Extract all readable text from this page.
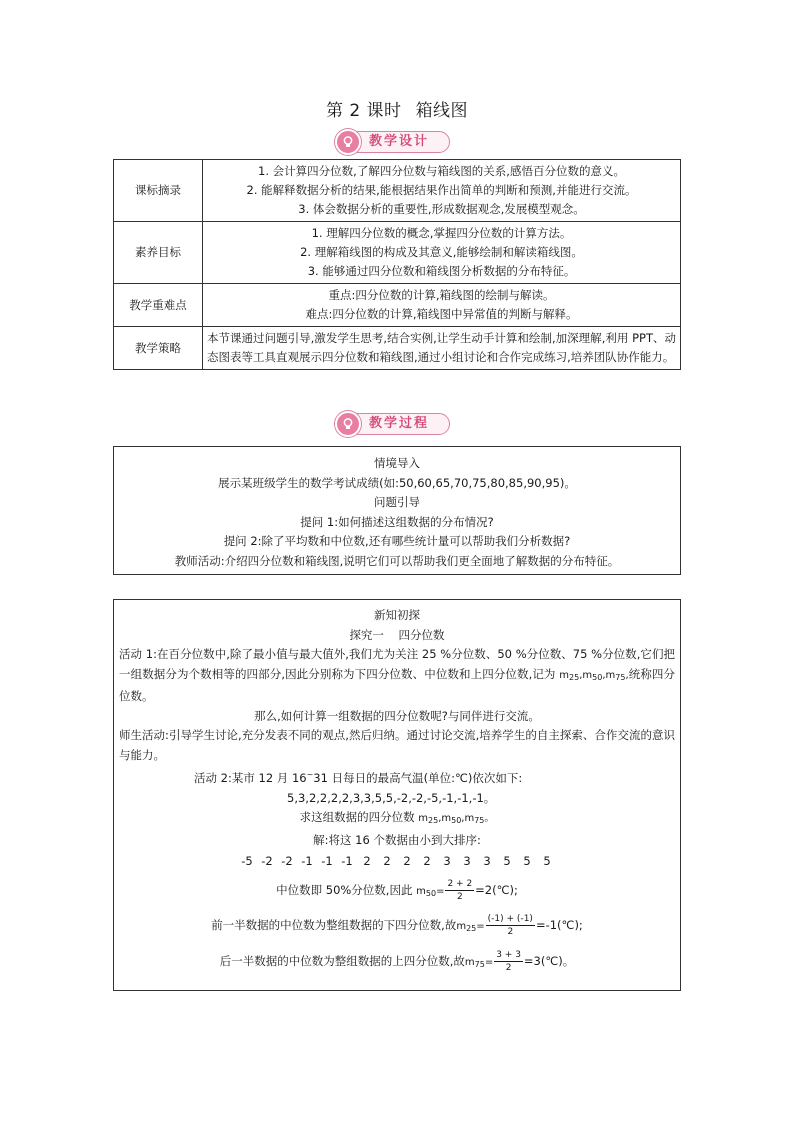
第 2 课时 箱线图
教学设计
课标摘录	1. 会计算四分位数,了解四分位数与箱线图的关系,感悟百分位数的意义。
2. 能解释数据分析的结果,能根据结果作出简单的判断和预测,并能进行交流。
3. 体会数据分析的重要性,形成数据观念,发展模型观念。

素养目标	1. 理解四分位数的概念,掌握四分位数的计算方法。
2. 理解箱线图的构成及其意义,能够绘制和解读箱线图。
3. 能够通过四分位数和箱线图分析数据的分布特征。

教学重难点	重点:四分位数的计算,箱线图的绘制与解读。
难点:四分位数的计算,箱线图中异常值的判断与解释。

教学策略	本节课通过问题引导,激发学生思考,结合实例,让学生动手计算和绘制,加深理解,利用 PPT、动态图表等工具直观展示四分位数和箱线图,通过小组讨论和合作完成练习,培养团队协作能力。
教学过程

情境导入

展示某班级学生的数学考试成绩(如:50,60,65,70,75,80,85,90,95)。

问题引导

提问 1:如何描述这组数据的分布情况?

提问 2:除了平均数和中位数,还有哪些统计量可以帮助我们分析数据?

教师活动:介绍四分位数和箱线图,说明它们可以帮助我们更全面地了解数据的分布特征。

新知初探

探究一    四分位数

活动 1:在百分位数中,除了最小值与最大值外,我们尤为关注 25 %分位数、50 %分位数、75 %分位数,它们把一组数据分为个数相等的四部分,因此分别称为下四分位数、中位数和上四分位数,记为 $m_{25},m_{50},m_{75}$,统称四分位数。

那么,如何计算一组数据的四分位数呢?与同伴进行交流。

师生活动:引导学生讨论,充分发表不同的观点,然后归纳。通过讨论交流,培养学生的自主探索、合作交流的意识与能力。

活动 2:某市 12 月 16~31 日每日的最高气温(单位:℃)依次如下:

5,3,2,2,2,2,3,3,5,5,-2,-2,-5,-1,-1,-1。

求这组数据的四分位数 $m_{25},m_{50},m_{75}$。

解:将这 16 个数据由小到大排序:

-5 -2 -2 -1 -1 -1 2 2 2 2 3 3 3 5 5 5

中位数即 50%分位数,因此 $m_{50}= \frac{2 + 2}{2}$ =2(℃);

前一半数据的中位数为整组数据的下四分位数,故$m_{25}= \frac{(-1) + (-1)}{2}$ =-1(℃);

后一半数据的中位数为整组数据的上四分位数,故$m_{75}= \frac{3 + 3}{2}$ =3(℃)。
